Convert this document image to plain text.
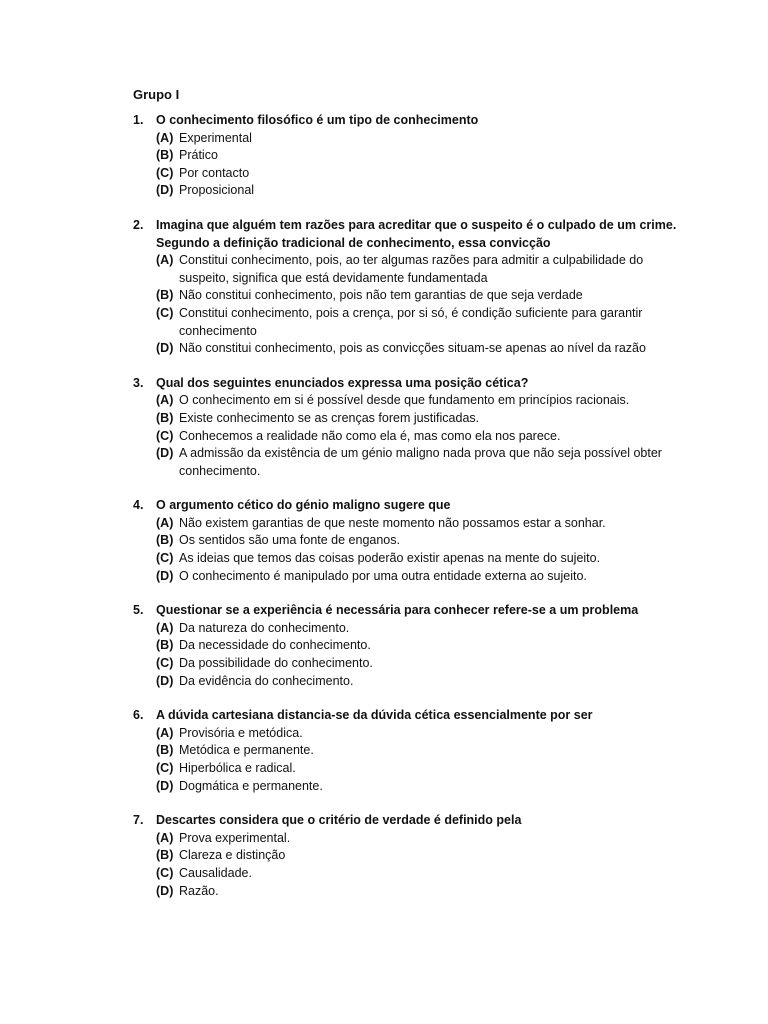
Grupo I
1.	O conhecimento filosófico é um tipo de conhecimento
(A) Experimental
(B) Prático
(C) Por contacto
(D) Proposicional
2.	Imagina que alguém tem razões para acreditar que o suspeito é o culpado de um crime. Segundo a definição tradicional de conhecimento, essa convicção
(A) Constitui conhecimento, pois, ao ter algumas razões para admitir a culpabilidade do suspeito, significa que está devidamente fundamentada
(B) Não constitui conhecimento, pois não tem garantias de que seja verdade
(C) Constitui conhecimento, pois a crença, por si só, é condição suficiente para garantir conhecimento
(D) Não constitui conhecimento, pois as convicções situam-se apenas ao nível da razão
3.	Qual dos seguintes enunciados expressa uma posição cética?
(A) O conhecimento em si é possível desde que fundamento em princípios racionais.
(B) Existe conhecimento se as crenças forem justificadas.
(C) Conhecemos a realidade não como ela é, mas como ela nos parece.
(D) A admissão da existência de um génio maligno nada prova que não seja possível obter conhecimento.
4.	O argumento cético do génio maligno sugere que
(A) Não existem garantias de que neste momento não possamos estar a sonhar.
(B) Os sentidos são uma fonte de enganos.
(C) As ideias que temos das coisas poderão existir apenas na mente do sujeito.
(D) O conhecimento é manipulado por uma outra entidade externa ao sujeito.
5.	Questionar se a experiência é necessária para conhecer refere-se a um problema
(A) Da natureza do conhecimento.
(B) Da necessidade do conhecimento.
(C) Da possibilidade do conhecimento.
(D) Da evidência do conhecimento.
6.	A dúvida cartesiana distancia-se da dúvida cética essencialmente por ser
(A) Provisória e metódica.
(B) Metódica e permanente.
(C) Hiperbólica e radical.
(D) Dogmática e permanente.
7.	Descartes considera que o critério de verdade é definido pela
(A) Prova experimental.
(B) Clareza e distinção
(C) Causalidade.
(D) Razão.
